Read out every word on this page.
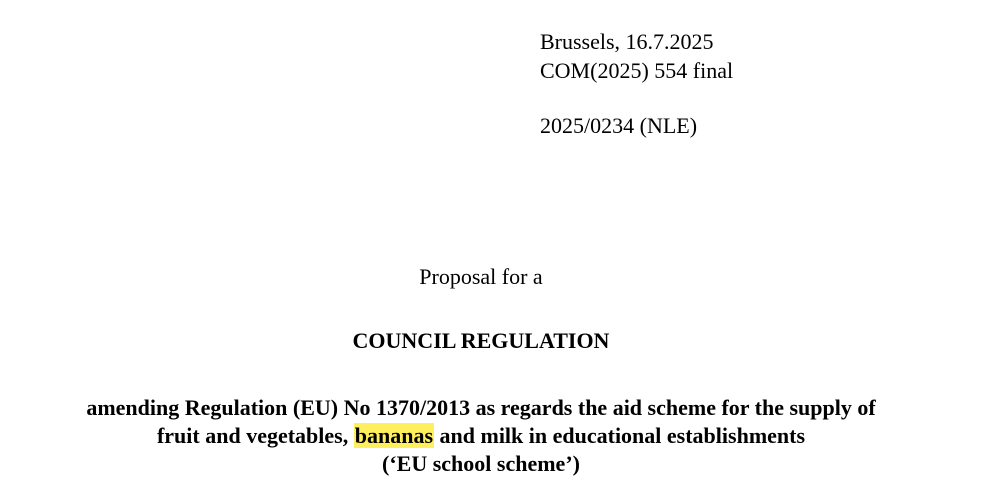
Brussels, 16.7.2025
COM(2025) 554 final
2025/0234 (NLE)
Proposal for a
COUNCIL REGULATION
amending Regulation (EU) No 1370/2013 as regards the aid scheme for the supply of
fruit and vegetables, bananas and milk in educational establishments
(‘EU school scheme’)
